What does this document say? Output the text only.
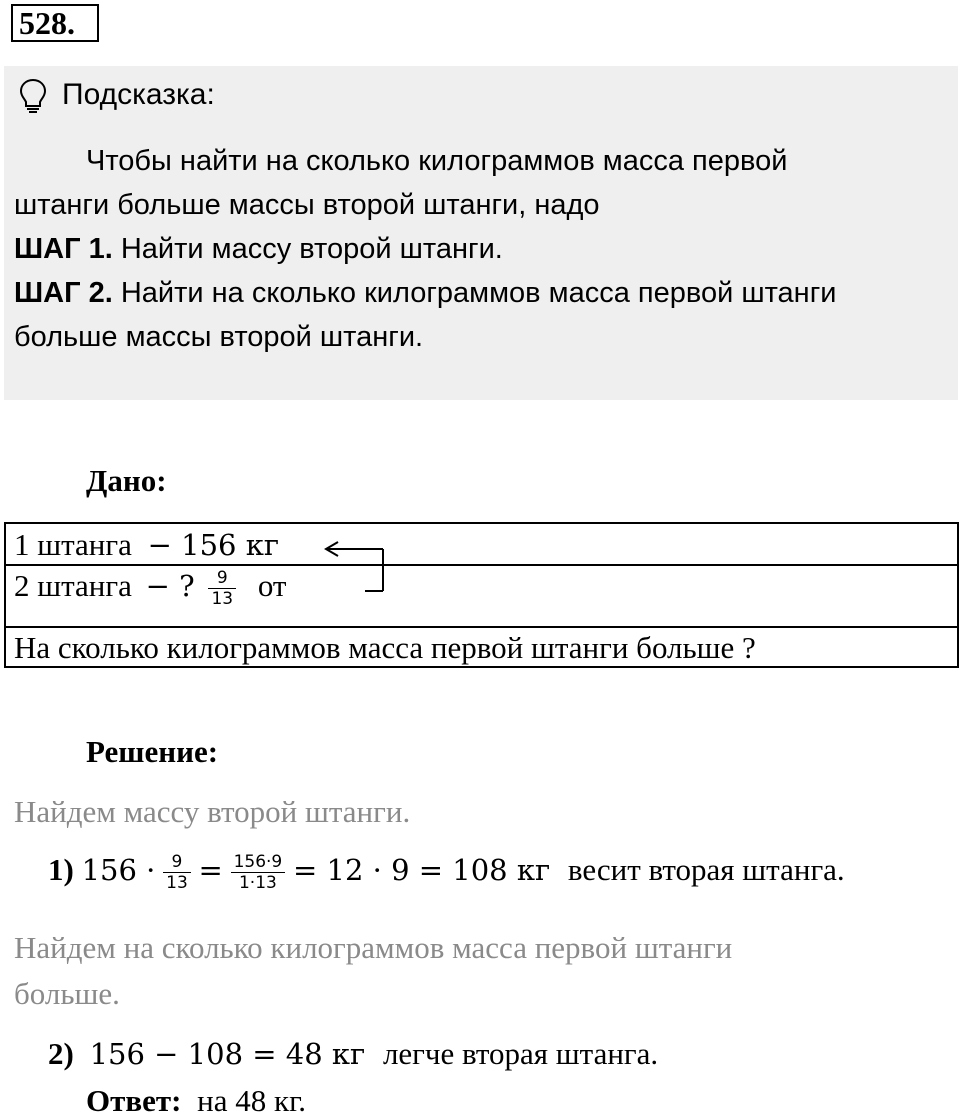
528.
Подсказка:
Чтобы найти на сколько килограммов масса первой
штанги больше массы второй штанги, надо
ШАГ 1. Найти массу второй штанги.
ШАГ 2. Найти на сколько килограммов масса первой штанги
больше массы второй штанги.
Дано:
1 штанга − 156 кг
2 штанга − ? $\frac{9}{13}$ от
На сколько килограммов масса первой штанги больше ?
Решение:
Найдем массу второй штанги.
1) $156 \cdot \frac{9}{13} = \frac{156\cdot 9}{1\cdot 13} = 12 \cdot 9 = 108$ кг весит вторая штанга.
Найдем на сколько килограммов масса первой штанги
больше.
2) 156 − 108 = 48 кг легче вторая штанга.
Ответ: на 48 кг.
